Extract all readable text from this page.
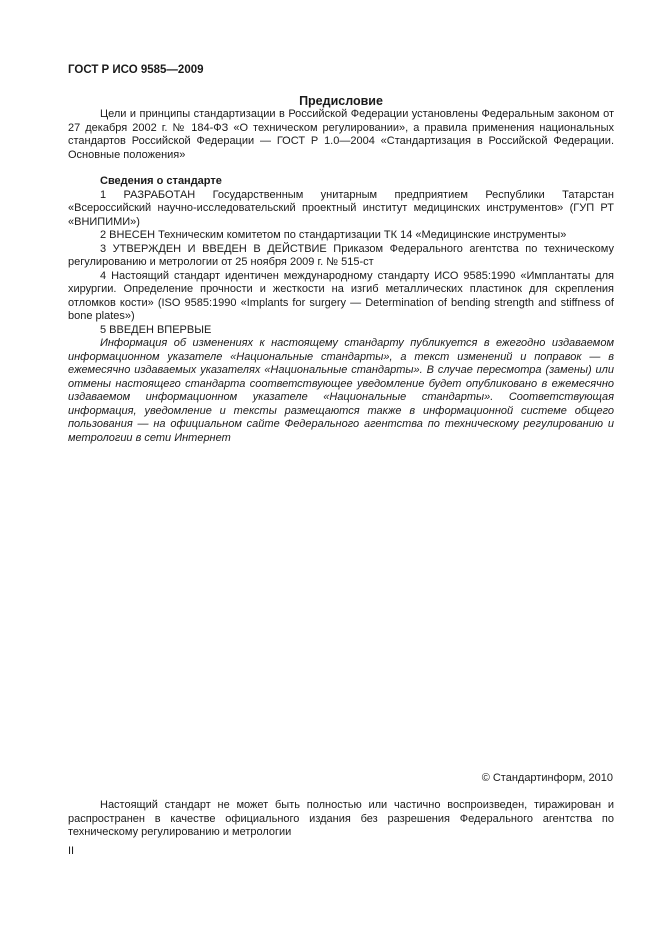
ГОСТ Р ИСО 9585—2009

Предисловие

Цели и принципы стандартизации в Российской Федерации установлены Федеральным законом от 27 декабря 2002 г. № 184-ФЗ «О техническом регулировании», а правила применения национальных стандартов Российской Федерации — ГОСТ Р 1.0—2004 «Стандартизация в Российской Федерации. Основные положения»

Сведения о стандарте

1 РАЗРАБОТАН Государственным унитарным предприятием Республики Татарстан «Всероссийский научно-исследовательский проектный институт медицинских инструментов» (ГУП РТ «ВНИПИМИ»)

2 ВНЕСЕН Техническим комитетом по стандартизации ТК 14 «Медицинские инструменты»

3 УТВЕРЖДЕН И ВВЕДЕН В ДЕЙСТВИЕ Приказом Федерального агентства по техническому регулированию и метрологии от 25 ноября 2009 г. № 515-ст

4 Настоящий стандарт идентичен международному стандарту ИСО 9585:1990 «Имплантаты для хирургии. Определение прочности и жесткости на изгиб металлических пластинок для скрепления отломков кости» (ISO 9585:1990 «Implants for surgery — Determination of bending strength and stiffness of bone plates»)

5 ВВЕДЕН ВПЕРВЫЕ

Информация об изменениях к настоящему стандарту публикуется в ежегодно издаваемом информационном указателе «Национальные стандарты», а текст изменений и поправок — в ежемесячно издаваемых указателях «Национальные стандарты». В случае пересмотра (замены) или отмены настоящего стандарта соответствующее уведомление будет опубликовано в ежемесячно издаваемом информационном указателе «Национальные стандарты». Соответствующая информация, уведомление и тексты размещаются также в информационной системе общего пользования — на официальном сайте Федерального агентства по техническому регулированию и метрологии в сети Интернет

© Стандартинформ, 2010

Настоящий стандарт не может быть полностью или частично воспроизведен, тиражирован и распространен в качестве официального издания без разрешения Федерального агентства по техническому регулированию и метрологии

II
